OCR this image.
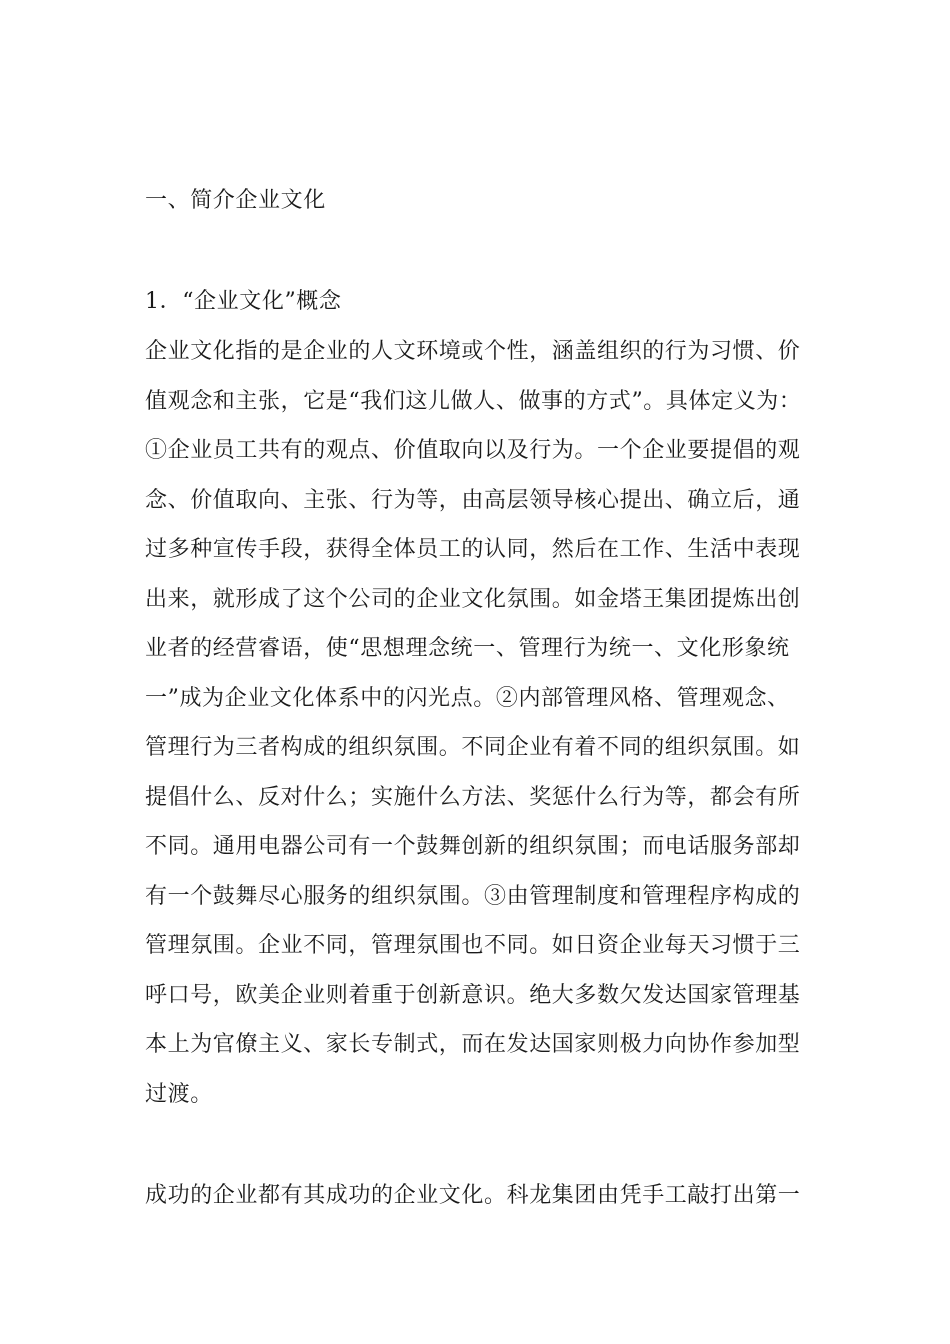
一、简介企业文化
1．“企业文化”概念
企业文化指的是企业的人文环境或个性，涵盖组织的行为习惯、价
值观念和主张，它是“我们这儿做人、做事的方式”。具体定义为：
①企业员工共有的观点、价值取向以及行为。一个企业要提倡的观
念、价值取向、主张、行为等，由高层领导核心提出、确立后，通
过多种宣传手段，获得全体员工的认同，然后在工作、生活中表现
出来，就形成了这个公司的企业文化氛围。如金塔王集团提炼出创
业者的经营睿语，使“思想理念统一、管理行为统一、文化形象统
一”成为企业文化体系中的闪光点。②内部管理风格、管理观念、
管理行为三者构成的组织氛围。不同企业有着不同的组织氛围。如
提倡什么、反对什么；实施什么方法、奖惩什么行为等，都会有所
不同。通用电器公司有一个鼓舞创新的组织氛围；而电话服务部却
有一个鼓舞尽心服务的组织氛围。③由管理制度和管理程序构成的
管理氛围。企业不同，管理氛围也不同。如日资企业每天习惯于三
呼口号，欧美企业则着重于创新意识。绝大多数欠发达国家管理基
本上为官僚主义、家长专制式，而在发达国家则极力向协作参加型
过渡。
成功的企业都有其成功的企业文化。科龙集团由凭手工敲打出第一
